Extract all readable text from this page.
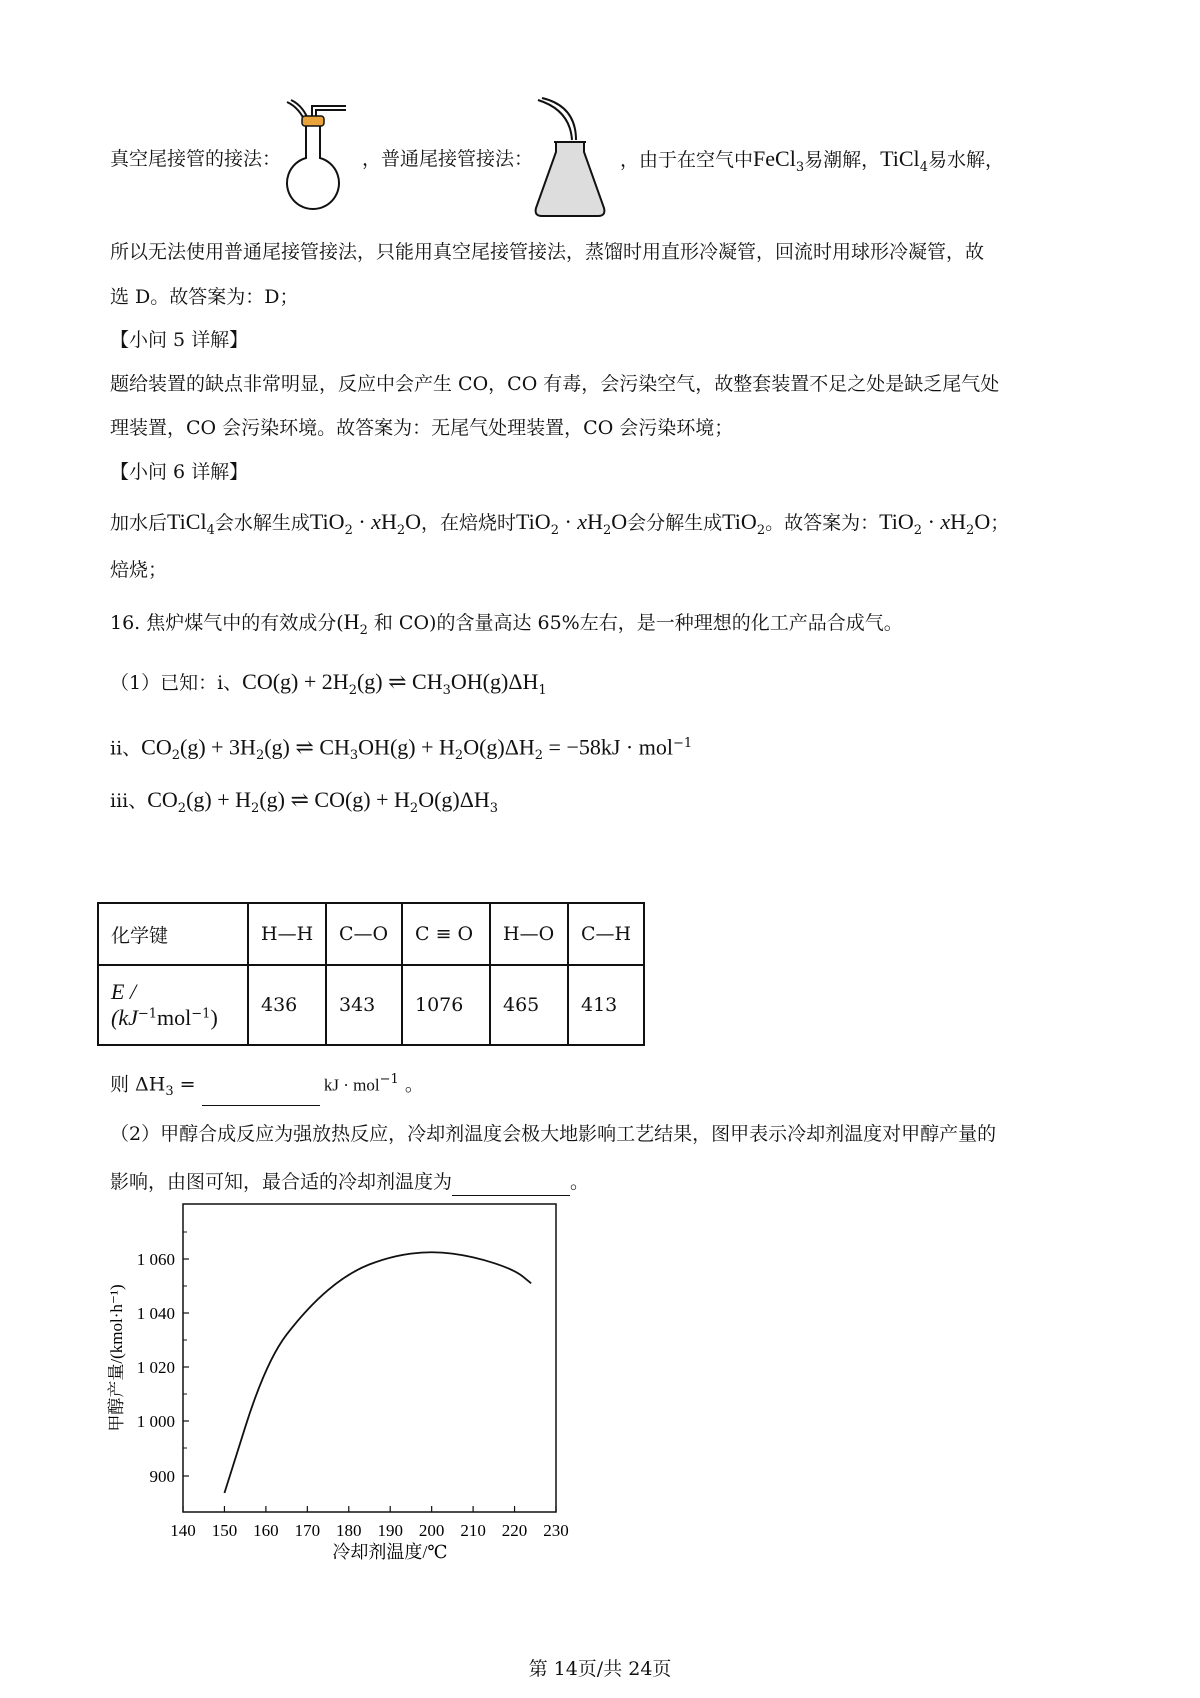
真空尾接管的接法：	，普通尾接管接法：	，由于在空气中FeCl$_3$易潮解，TiCl$_4$易水解，
所以无法使用普通尾接管接法，只能用真空尾接管接法，蒸馏时用直形冷凝管，回流时用球形冷凝管，故
选 D。故答案为：D；
【小问 5 详解】
题给装置的缺点非常明显，反应中会产生 CO，CO 有毒，会污染空气，故整套装置不足之处是缺乏尾气处
理装置，CO 会污染环境。故答案为：无尾气处理装置，CO 会污染环境；
【小问 6 详解】
加水后TiCl$_4$会水解生成$TiO_2 \cdot xH_2O$，在焙烧时$TiO_2 \cdot xH_2O$会分解生成TiO$_2$。故答案为：$TiO_2 \cdot xH_2O$；
焙烧；
16. 焦炉煤气中的有效成分($H_2$ 和 CO)的含量高达 65%左右，是一种理想的化工产品合成气。
（1）已知：i、$CO(g) + 2H_2(g)$ ⇌ $CH_3OH(g)\Delta H_1$
ii、$CO_2(g) + 3H_2(g)$ ⇌ $CH_3OH(g) + H_2O(g)\Delta H_2 = -58kJ \cdot mol^{-1}$
iii、$CO_2(g) + H_2(g)$ ⇌ $CO(g) + H_2O(g)\Delta H_3$
化学键	H—H	C—O	C ≡ O	H—O	C—H
E / $(kJ^{-1}mol^{-1})$	436	343	1076	465	413
则 $\Delta H_3$ =	kJ · mol$^{-1}$ 。
（2）甲醇合成反应为强放热反应，冷却剂温度会极大地影响工艺结果，图甲表示冷却剂温度对甲醇产量的
影响，由图可知，最合适的冷却剂温度为	。
140 150 160 170 180 190 200 210 220 230
900
1 000
1 020
1 040
1 060
冷却剂温度/℃
甲醇产量/(kmol·h⁻¹)
第 14页/共 24页
